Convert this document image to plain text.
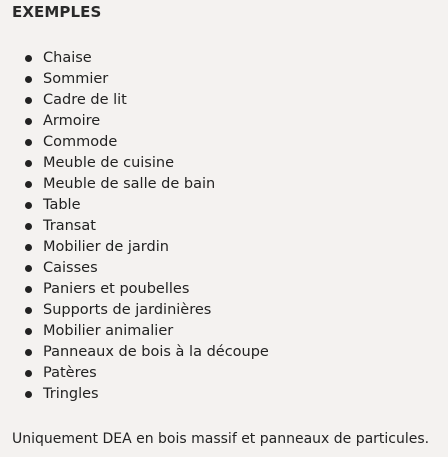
EXEMPLES
Chaise
Sommier
Cadre de lit
Armoire
Commode
Meuble de cuisine
Meuble de salle de bain
Table
Transat
Mobilier de jardin
Caisses
Paniers et poubelles
Supports de jardinières
Mobilier animalier
Panneaux de bois à la découpe
Patères
Tringles

Uniquement DEA en bois massif et panneaux de particules.
